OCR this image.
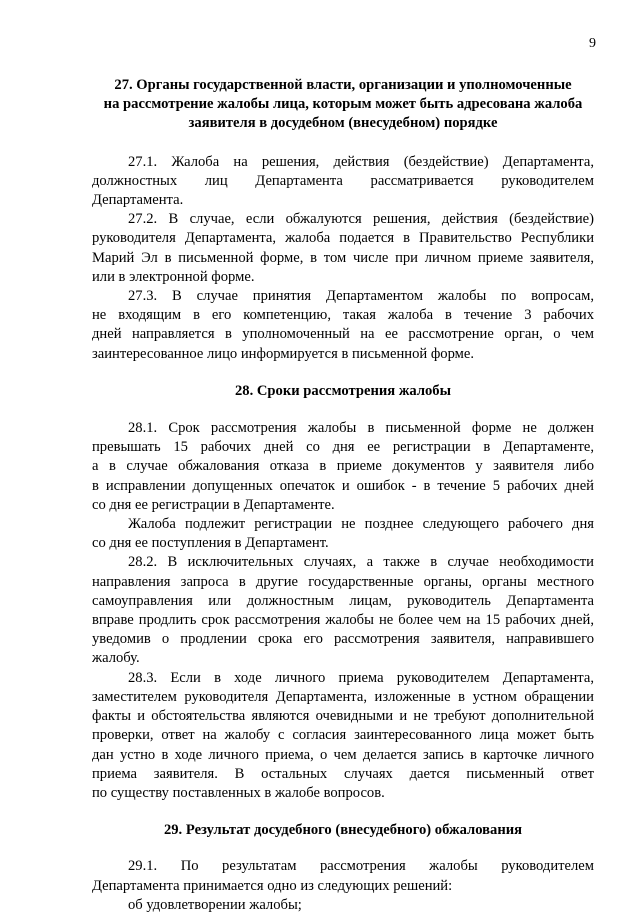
9
27. Органы государственной власти, организации и уполномоченные
на рассмотрение жалобы лица, которым может быть адресована жалоба
заявителя в досудебном (внесудебном) порядке
27.1. Жалоба на решения, действия (бездействие) Департамента,
должностных лиц Департамента рассматривается руководителем
Департамента.
27.2. В случае, если обжалуются решения, действия (бездействие)
руководителя Департамента, жалоба подается в Правительство Республики
Марий Эл в письменной форме, в том числе при личном приеме заявителя,
или в электронной форме.
27.3. В случае принятия Департаментом жалобы по вопросам,
не входящим в его компетенцию, такая жалоба в течение 3 рабочих
дней направляется в уполномоченный на ее рассмотрение орган, о чем
заинтересованное лицо информируется в письменной форме.
28. Сроки рассмотрения жалобы
28.1. Срок рассмотрения жалобы в письменной форме не должен
превышать 15 рабочих дней со дня ее регистрации в Департаменте,
а в случае обжалования отказа в приеме документов у заявителя либо
в исправлении допущенных опечаток и ошибок - в течение 5 рабочих дней
со дня ее регистрации в Департаменте.
Жалоба подлежит регистрации не позднее следующего рабочего дня
со дня ее поступления в Департамент.
28.2. В исключительных случаях, а также в случае необходимости
направления запроса в другие государственные органы, органы местного
самоуправления или должностным лицам, руководитель Департамента
вправе продлить срок рассмотрения жалобы не более чем на 15 рабочих дней,
уведомив о продлении срока его рассмотрения заявителя, направившего
жалобу.
28.3. Если в ходе личного приема руководителем Департамента,
заместителем руководителя Департамента, изложенные в устном обращении
факты и обстоятельства являются очевидными и не требуют дополнительной
проверки, ответ на жалобу с согласия заинтересованного лица может быть
дан устно в ходе личного приема, о чем делается запись в карточке личного
приема заявителя. В остальных случаях дается письменный ответ
по существу поставленных в жалобе вопросов.
29. Результат досудебного (внесудебного) обжалования
29.1. По результатам рассмотрения жалобы руководителем
Департамента принимается одно из следующих решений:
об удовлетворении жалобы;
